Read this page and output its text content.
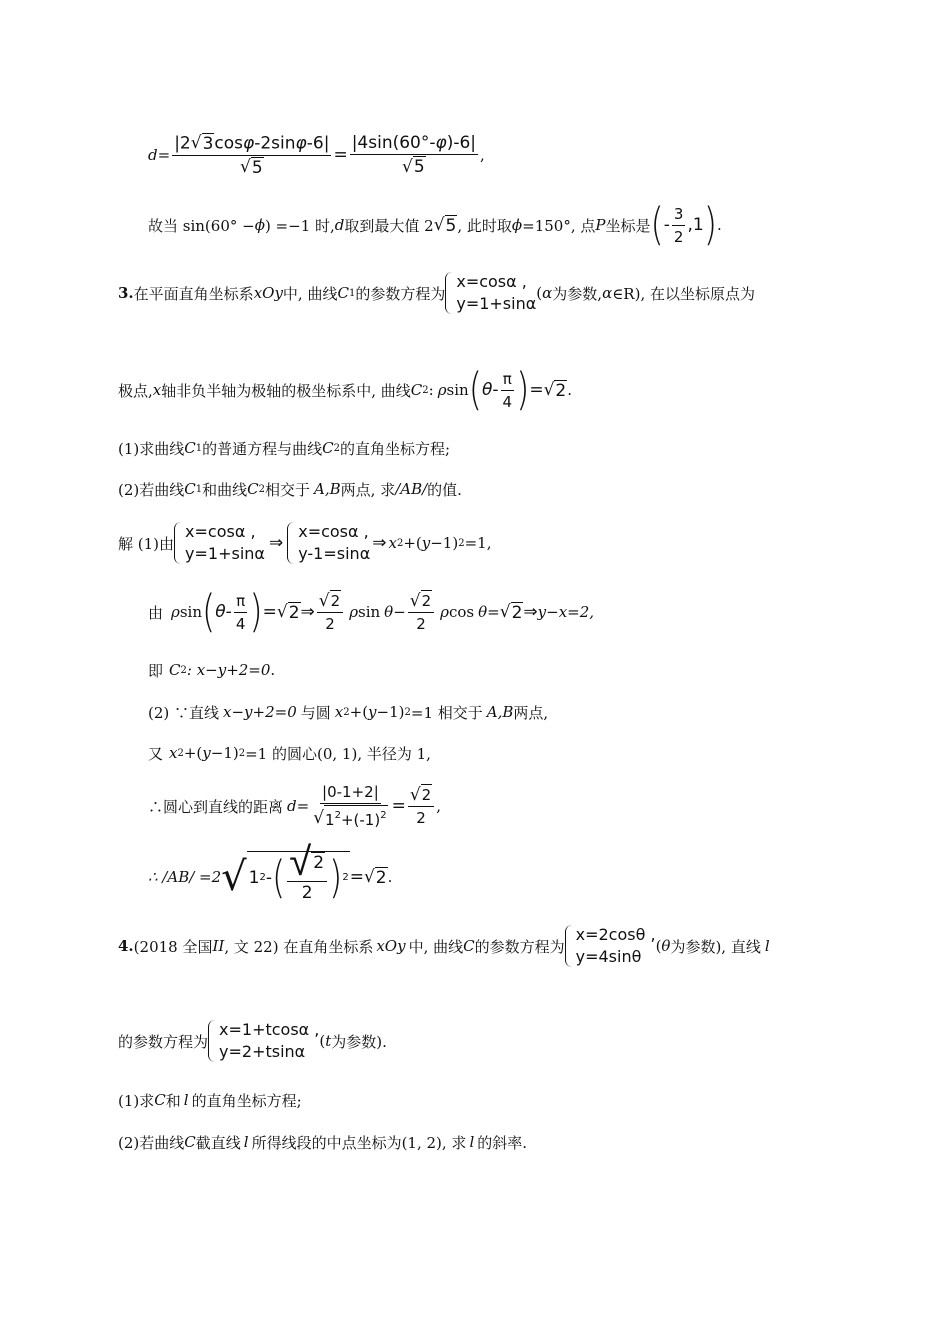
$d = \frac{|2 √ 3 \cos\varphi-2\sin\varphi-6|}{√ 5} = \frac{|4\sin(60^\circ-\varphi)-6|}{√ 5}$ ,
故当 sin(60° − ϕ ) =−1 时, d 取到最大值 2 √ 5 , 此时取 ϕ =150°, 点 P 坐标是 ( - $\frac{3}{2} ,1$ ) .
3. 在平面直角坐标系 xOy 中, 曲线 C 1 的参数方程为
x=cosα ,
y=1+sinα
( α 为参数, α ∈R), 在以坐标原点为
极点, x 轴非负半轴为极轴的极坐标系中, 曲线 C 2 : ρ sin ( θ - $\frac{\pi}{4}$ ) = √ 2 .
(1)求曲线 C 1 的普通方程与曲线 C 2 的直角坐标方程;
(2)若曲线 C 1 和曲线 C 2 相交于 A, B 两点, 求 /AB/ 的值.
解 (1)由
x=cosα ,
y=1+sinα
⇒
x=cosα ,
y-1=sinα
⇒ x 2 +( y −1) 2 =1,
由 ρ sin ( θ - $\frac{\pi}{4}$ ) = √ 2 ⇒ $\frac{√ 2}{2}$ ρ $\sin \theta - \frac{√ 2}{2}$ ρ cos θ = √ 2 ⇒ y−x=2,
即 C 2 : x−y+2=0.
(2) ∵直线 x−y+2=0 与圆 x 2 +( y −1) 2 =1 相交于 A, B 两点,
又 x 2 +( y −1) 2 =1 的圆心(0, 1), 半径为 1,
∴圆心到直线的距离 $d = \frac{|0-1+2|}{√ 1^2+(-1)^2} = \frac{√ 2}{2}$ ,
∴ /AB/ =2 √ 1 2 - ( $\frac{√ 2}{2}$ ) 2 = √ 2 .
4. (2018 全国 II , 文 22) 在直角坐标系 xOy 中, 曲线 C 的参数方程为
x=2cosθ ,
y=4sinθ
( θ 为参数), 直线 l
的参数方程为
x=1+tcosα ,
y=2+tsinα
( t 为参数).
(1)求 C 和 l 的直角坐标方程;
(2)若曲线 C 截直线 l 所得线段的中点坐标为(1, 2), 求 l 的斜率.
